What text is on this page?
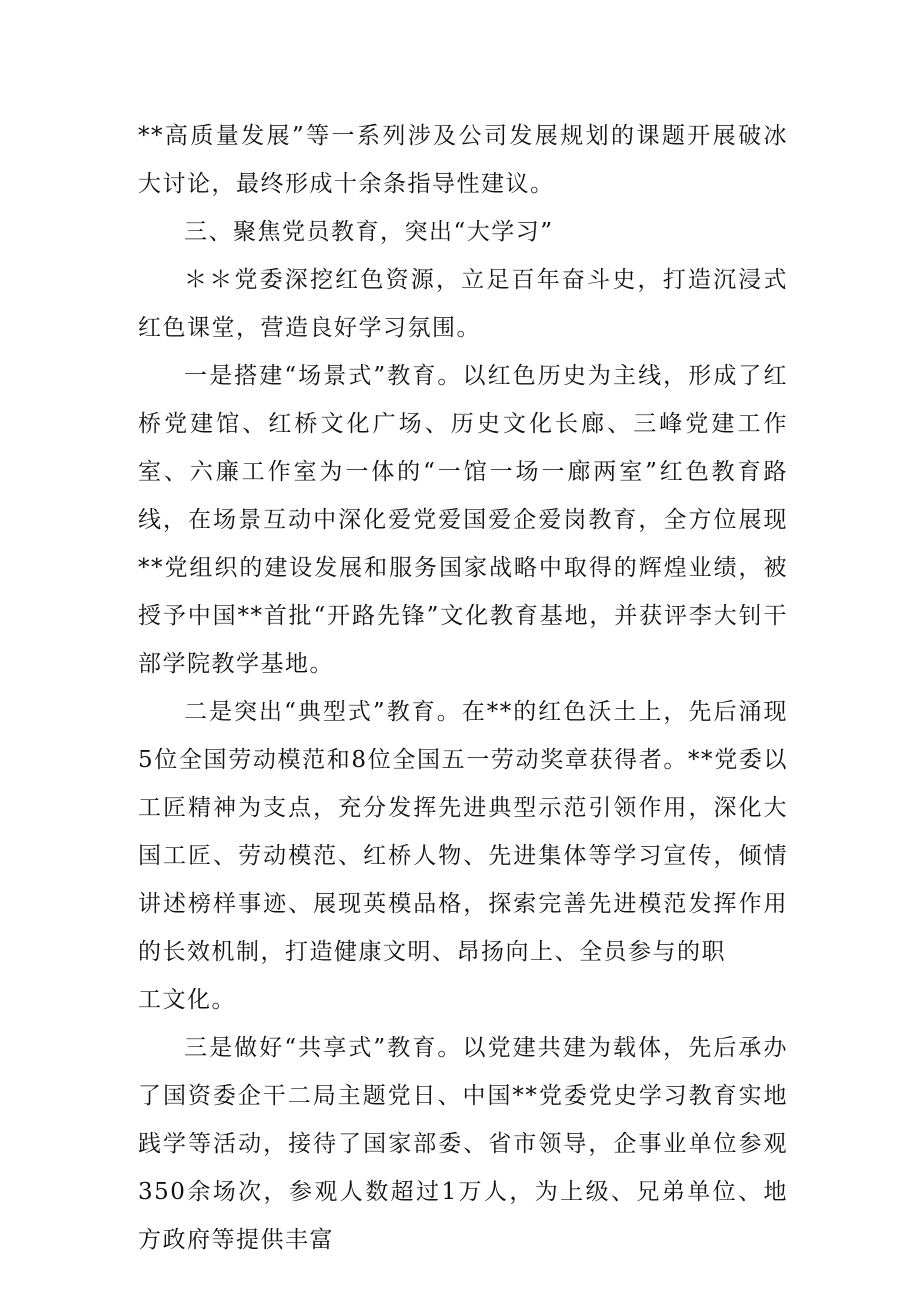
**高质量发展”等一系列涉及公司发展规划的课题开展破冰大讨论，最终形成十余条指导性建议。

三、聚焦党员教育，突出“大学习”

＊＊党委深挖红色资源，立足百年奋斗史，打造沉浸式红色课堂，营造良好学习氛围。

一是搭建“场景式”教育。以红色历史为主线，形成了红桥党建馆、红桥文化广场、历史文化长廊、三峰党建工作室、六廉工作室为一体的“一馆一场一廊两室”红色教育路线，在场景互动中深化爱党爱国爱企爱岗教育，全方位展现**党组织的建设发展和服务国家战略中取得的辉煌业绩，被授予中国**首批“开路先锋”文化教育基地，并获评李大钊干部学院教学基地。

二是突出“典型式”教育。在**的红色沃土上，先后涌现5位全国劳动模范和8位全国五一劳动奖章获得者。**党委以工匠精神为支点，充分发挥先进典型示范引领作用，深化大国工匠、劳动模范、红桥人物、先进集体等学习宣传，倾情讲述榜样事迹、展现英模品格，探索完善先进模范发挥作用的长效机制，打造健康文明、昂扬向上、全员参与的职
工文化。

三是做好“共享式”教育。以党建共建为载体，先后承办了国资委企干二局主题党日、中国**党委党史学习教育实地践学等活动，接待了国家部委、省市领导，企事业单位参观350余场次，参观人数超过1万人，为上级、兄弟单位、地方政府等提供丰富
